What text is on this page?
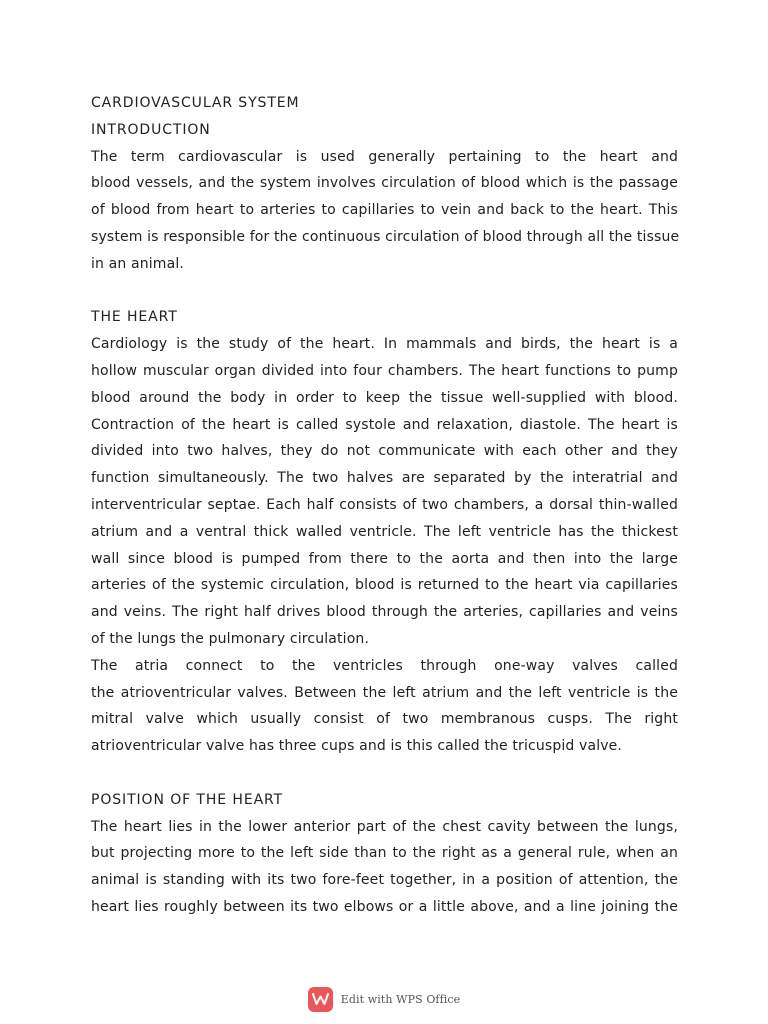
CARDIOVASCULAR SYSTEM
INTRODUCTION
The term cardiovascular is used generally pertaining to the heart and
blood vessels, and the system involves circulation of blood which is the passage
of blood from heart to arteries to capillaries to vein and back to the heart. This
system is responsible for the continuous circulation of blood through all the tissue
in an animal.
THE HEART
Cardiology is the study of the heart. In mammals and birds, the heart is a
hollow muscular organ divided into four chambers. The heart functions to pump
blood around the body in order to keep the tissue well-supplied with blood.
Contraction of the heart is called systole and relaxation, diastole. The heart is
divided into two halves, they do not communicate with each other and they
function simultaneously. The two halves are separated by the interatrial and
interventricular septae. Each half consists of two chambers, a dorsal thin-walled
atrium and a ventral thick walled ventricle. The left ventricle has the thickest
wall since blood is pumped from there to the aorta and then into the large
arteries of the systemic circulation, blood is returned to the heart via capillaries
and veins. The right half drives blood through the arteries, capillaries and veins
of the lungs the pulmonary circulation.
The atria connect to the ventricles through one-way valves called
the atrioventricular valves. Between the left atrium and the left ventricle is the
mitral valve which usually consist of two membranous cusps. The right
atrioventricular valve has three cups and is this called the tricuspid valve.
POSITION OF THE HEART
The heart lies in the lower anterior part of the chest cavity between the lungs,
but projecting more to the left side than to the right as a general rule, when an
animal is standing with its two fore-feet together, in a position of attention, the
heart lies roughly between its two elbows or a little above, and a line joining the
Edit with WPS Office
